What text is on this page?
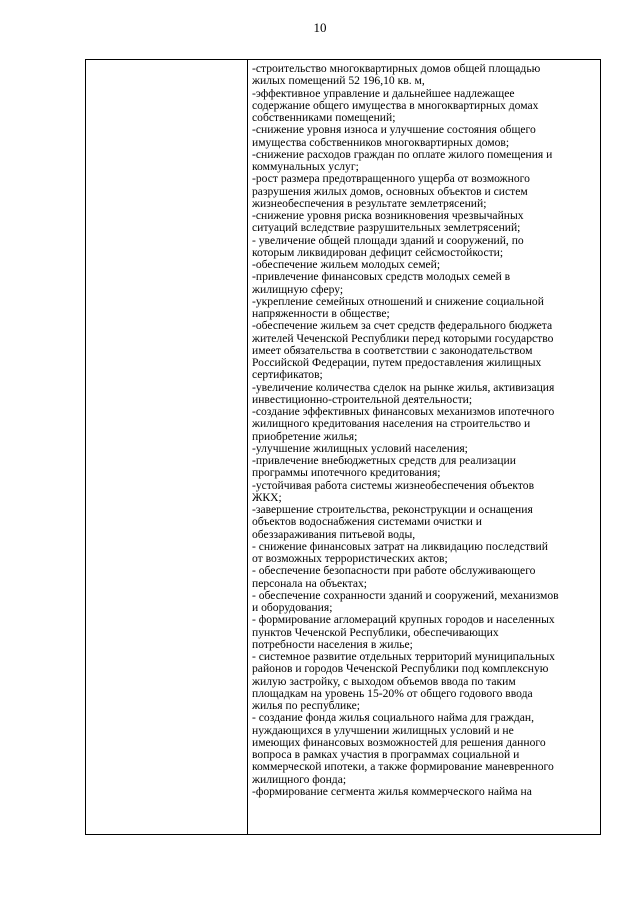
10

-строительство многоквартирных домов общей площадью
жилых помещений 52 196,10 кв. м,
-эффективное управление и дальнейшее надлежащее
содержание общего имущества в многоквартирных домах
собственниками помещений;
-снижение уровня износа и улучшение состояния общего
имущества собственников многоквартирных домов;
-снижение расходов граждан по оплате жилого помещения и
коммунальных услуг;
-рост размера предотвращенного ущерба от возможного
разрушения жилых домов, основных объектов и систем
жизнеобеспечения в результате землетрясений;
-снижение уровня риска возникновения чрезвычайных
ситуаций вследствие разрушительных землетрясений;
- увеличение общей площади зданий и сооружений, по
которым ликвидирован дефицит сейсмостойкости;
-обеспечение жильем молодых семей;
-привлечение финансовых средств молодых семей в
жилищную сферу;
-укрепление семейных отношений и снижение социальной
напряженности в обществе;
-обеспечение жильем за счет средств федерального бюджета
жителей Чеченской Республики перед которыми государство
имеет обязательства в соответствии с законодательством
Российской Федерации, путем предоставления жилищных
сертификатов;
-увеличение количества сделок на рынке жилья, активизация
инвестиционно-строительной деятельности;
-создание эффективных финансовых механизмов ипотечного
жилищного кредитования населения на строительство и
приобретение жилья;
-улучшение жилищных условий населения;
-привлечение внебюджетных средств для реализации
программы ипотечного кредитования;
-устойчивая работа системы жизнеобеспечения объектов
ЖКХ;
-завершение строительства, реконструкции и оснащения
объектов водоснабжения системами очистки и
обеззараживания питьевой воды,
- снижение финансовых затрат на ликвидацию последствий
от возможных террористических актов;
- обеспечение безопасности при работе обслуживающего
персонала на объектах;
- обеспечение сохранности зданий и сооружений, механизмов
и оборудования;
- формирование агломераций крупных городов и населенных
пунктов Чеченской Республики, обеспечивающих
потребности населения в жилье;
- системное развитие отдельных территорий муниципальных
районов и городов Чеченской Республики под комплексную
жилую застройку, с выходом объемов ввода по таким
площадкам на уровень 15-20% от общего годового ввода
жилья по республике;
- создание фонда жилья социального найма для граждан,
нуждающихся в улучшении жилищных условий и не
имеющих финансовых возможностей для решения данного
вопроса в рамках участия в программах социальной и
коммерческой ипотеки, а также формирование маневренного
жилищного фонда;
-формирование сегмента жилья коммерческого найма на
